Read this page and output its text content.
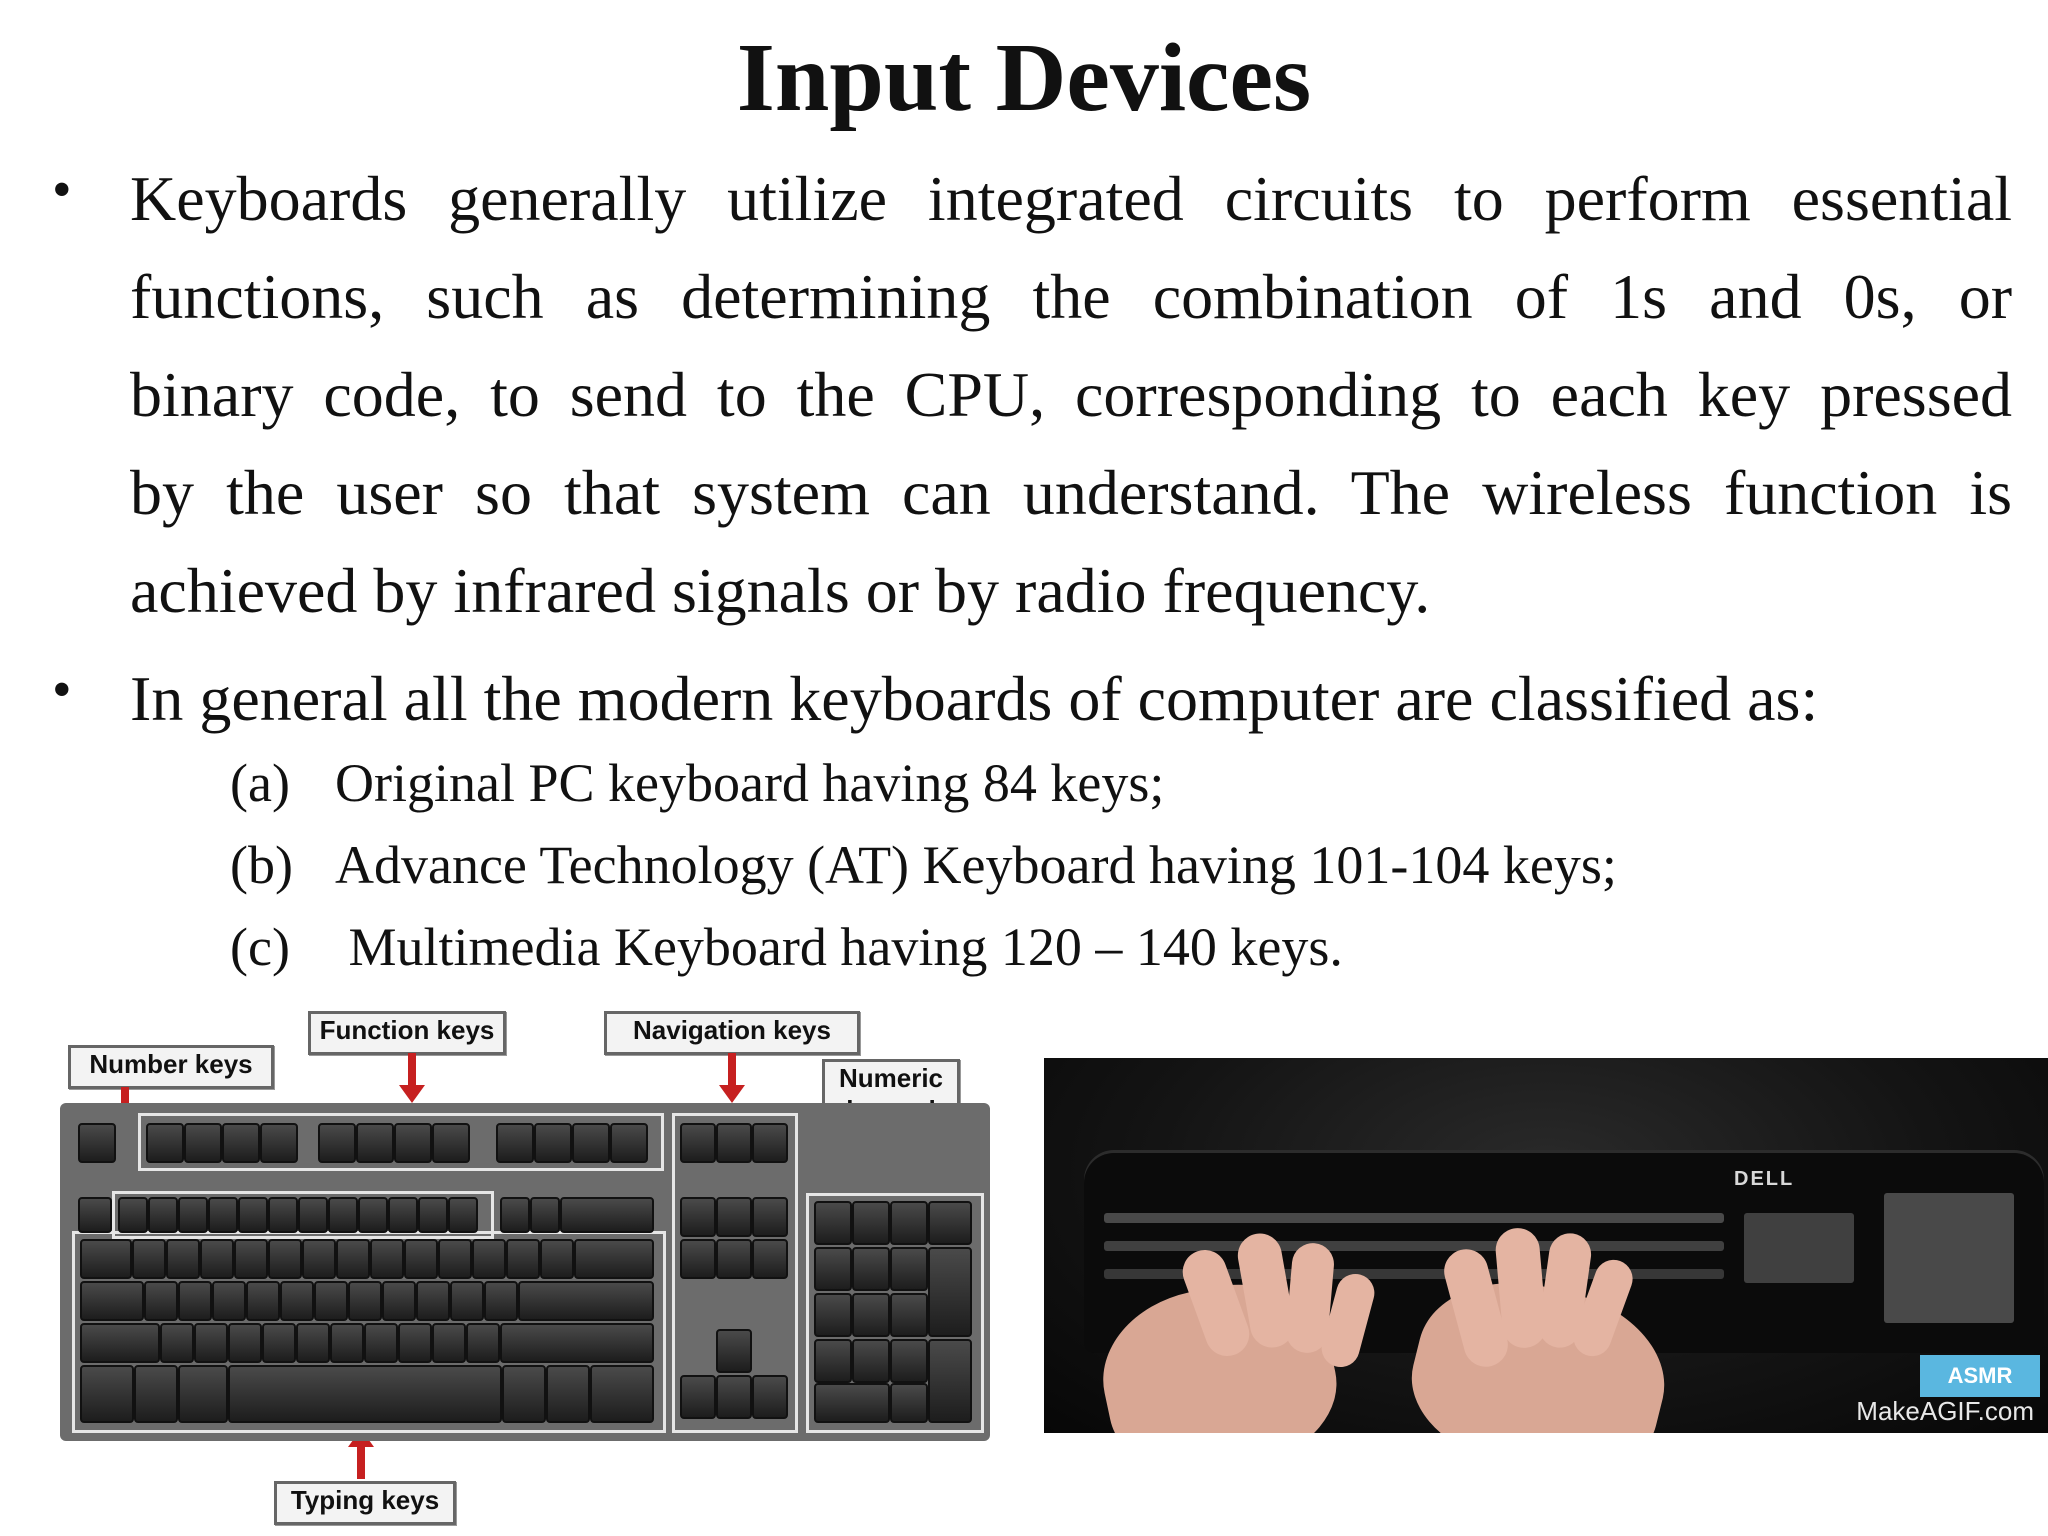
Input Devices
• Keyboards generally utilize integrated circuits to perform essential
functions, such as determining the combination of 1s and 0s, or
binary code, to send to the CPU, corresponding to each key pressed
by the user so that system can understand. The wireless function is
achieved by infrared signals or by radio frequency.
• In general all the modern keyboards of computer are classified as:
(a) Original PC keyboard having 84 keys;
(b) Advance Technology (AT) Keyboard having 101-104 keys;
(c) Multimedia Keyboard having 120 – 140 keys.
Number keys
Function keys	Navigation keys
Numeric

Typing keys
DELL
ASMR
MakeAGIF.com
